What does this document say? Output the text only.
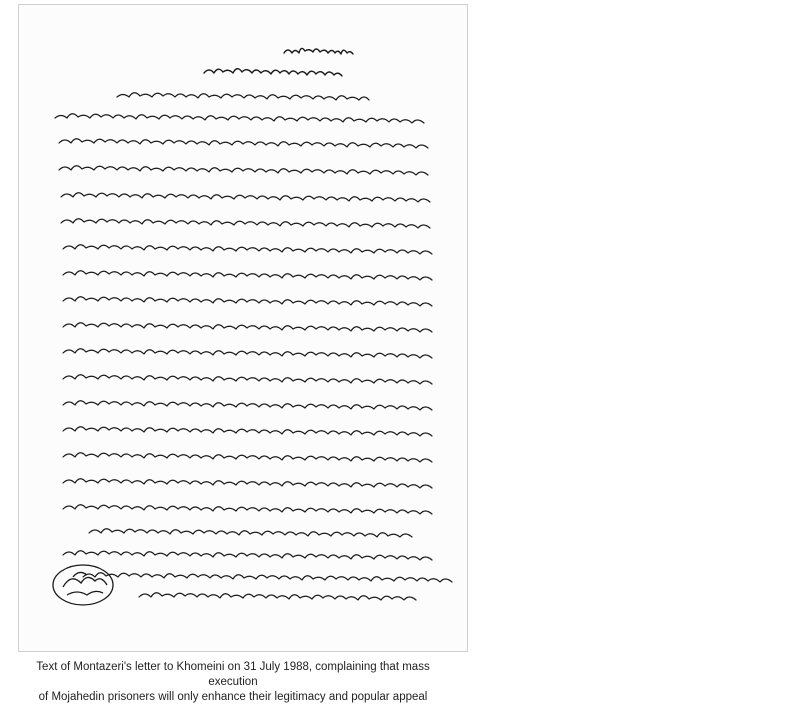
Text of Montazeri's letter to Khomeini on 31 July 1988, complaining that mass execution
of Mojahedin prisoners will only enhance their legitimacy and popular appeal
